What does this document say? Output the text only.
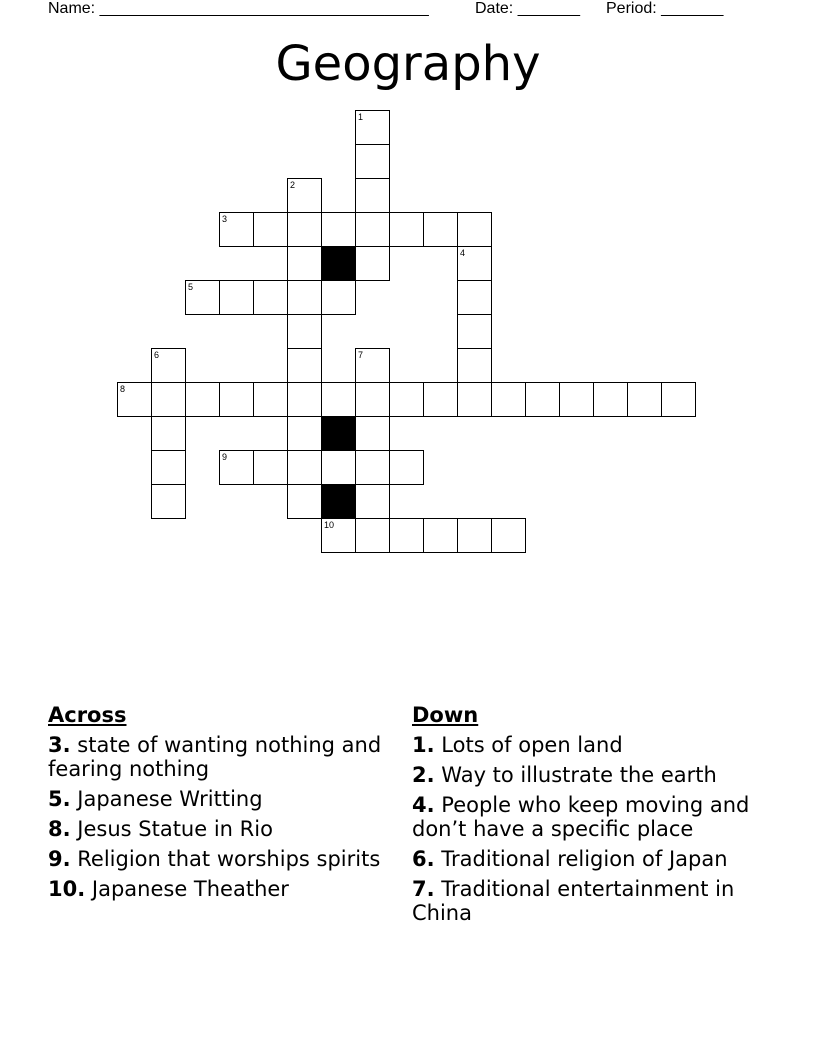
Name: _____________________________________	Date: _______ Period: _______
Geography
1
2
3
4
5
6	7
8
9
10
Across
3. state of wanting nothing and fearing nothing
5. Japanese Writting
8. Jesus Statue in Rio
9. Religion that worships spirits
10. Japanese Theather
Down
1. Lots of open land
2. Way to illustrate the earth
4. People who keep moving and don’t have a specific place
6. Traditional religion of Japan
7. Traditional entertainment in China
